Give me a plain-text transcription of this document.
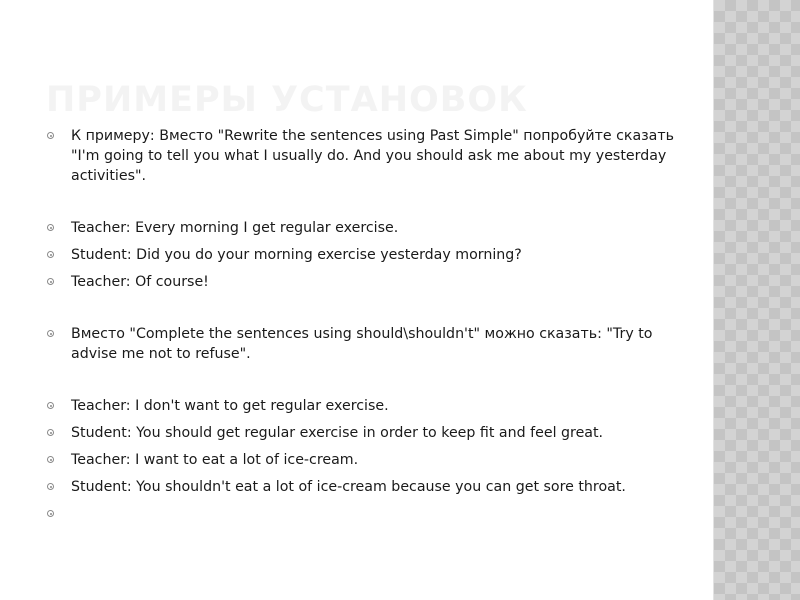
ПРИМЕРЫ УСТАНОВОК
К примеру: Вместо "Rewrite the sentences using Past Simple" попробуйте сказать "I'm going to tell you what I usually do. And you should ask me about my yesterday activities".
Teacher: Every morning I get regular exercise.
Student: Did you do your morning exercise yesterday morning?
Teacher: Of course!
Вместо "Complete the sentences using should\shouldn't" можно сказать: "Try to advise me not to refuse".
Teacher: I don't want to get regular exercise.
Student: You should get regular exercise in order to keep fit and feel great.
Teacher: I want to eat a lot of ice-cream.
Student: You shouldn't eat a lot of ice-cream because you can get sore throat.
